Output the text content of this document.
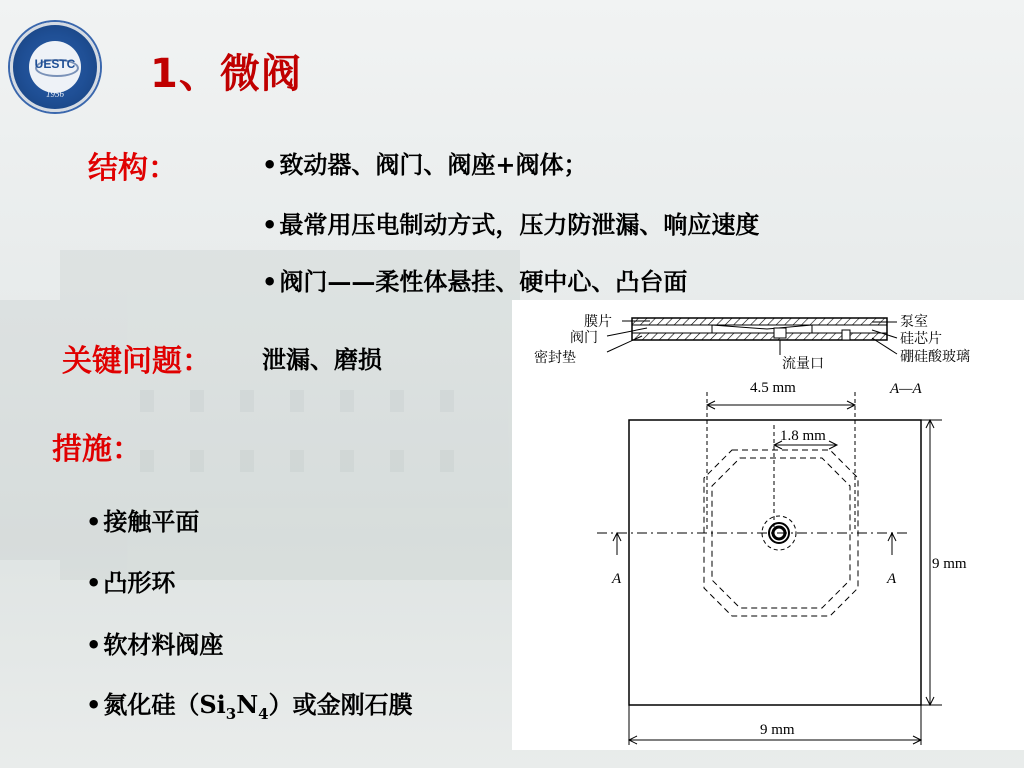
UESTC
1956	1、微阀
结构：	•致动器、阀门、阀座+阀体；
•最常用压电制动方式，压力防泄漏、响应速度
•阀门——柔性体悬挂、硬中心、凸台面
关键问题： 泄漏、磨损
措施：
•接触平面
•凸形环
•软材料阀座
•氮化硅$(Si_3N_4)$或金刚石膜
膜片
阀门
密封垫
泵室
硅芯片
硼硅酸玻璃
流量口
A—A
4.5 mm
1.8 mm
A	A
9 mm
9 mm
